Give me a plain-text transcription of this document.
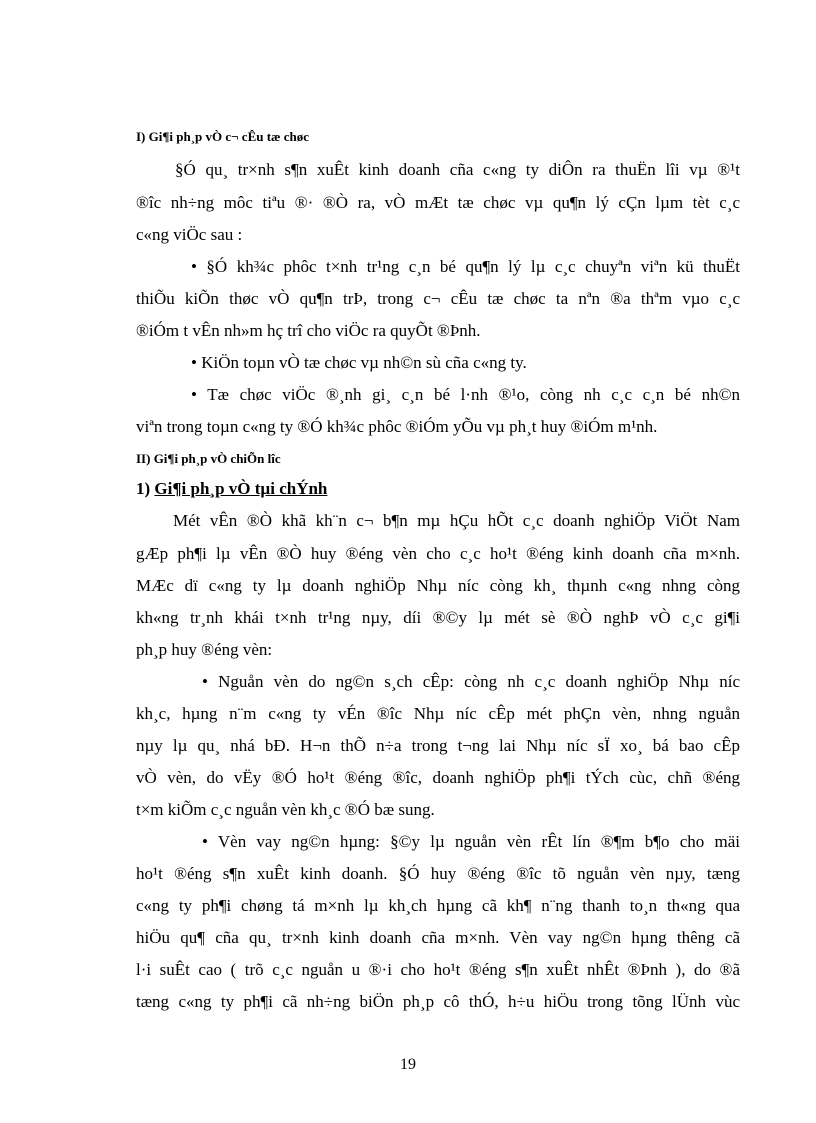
I) Gi¶i ph¸p vÒ c¬ cÊu tæ chøc
§Ó qu¸ tr×nh s¶n xuÊt kinh doanh cña c«ng ty diÔn ra thuËn lîi vµ ®¹t
®îc nh÷ng môc tiªu ®· ®Ò ra, vÒ mÆt tæ chøc vµ qu¶n lý cÇn lµm tèt c¸c
c«ng viÖc sau :
• §Ó kh¾c phôc t×nh tr¹ng c¸n bé qu¶n lý lµ c¸c chuyªn viªn kü thuËt
thiÕu kiÕn thøc vÒ qu¶n trÞ, trong c¬ cÊu tæ chøc ta nªn ®a thªm vµo c¸c
®iÓm t vÊn nh»m hç trî cho viÖc ra quyÕt ®Þnh.
• KiÖn toµn vÒ tæ chøc vµ nh©n sù cña c«ng ty.
• Tæ chøc viÖc ®¸nh gi¸ c¸n bé l·nh ®¹o, còng nh c¸c c¸n bé nh©n
viªn trong toµn c«ng ty ®Ó kh¾c phôc ®iÓm yÕu vµ ph¸t huy ®iÓm m¹nh.
II) Gi¶i ph¸p vÒ chiÕn lîc
1) Gi¶i ph¸p vÒ tµi chÝnh
Mét vÊn ®Ò khã kh¨n c¬ b¶n mµ hÇu hÕt c¸c doanh nghiÖp ViÖt Nam
gÆp ph¶i lµ vÊn ®Ò huy ®éng vèn cho c¸c ho¹t ®éng kinh doanh cña m×nh.
MÆc dï c«ng ty lµ doanh nghiÖp Nhµ níc còng kh¸ thµnh c«ng nhng còng
kh«ng tr¸nh khái t×nh tr¹ng nµy, díi ®©y lµ mét sè ®Ò nghÞ vÒ c¸c gi¶i
ph¸p huy ®éng vèn:
• Nguån vèn do ng©n s¸ch cÊp: còng nh c¸c doanh nghiÖp Nhµ níc
kh¸c, hµng n¨m c«ng ty vÉn ®îc Nhµ níc cÊp mét phÇn vèn, nhng nguån
nµy lµ qu¸ nhá bÐ. H¬n thÕ n÷a trong t¬ng lai Nhµ níc sÏ xo¸ bá bao cÊp
vÒ vèn, do vËy ®Ó ho¹t ®éng ®îc, doanh nghiÖp ph¶i tÝch cùc, chñ ®éng
t×m kiÕm c¸c nguån vèn kh¸c ®Ó bæ sung.
• Vèn vay ng©n hµng: §©y lµ nguån vèn rÊt lín ®¶m b¶o cho mäi
ho¹t ®éng s¶n xuÊt kinh doanh. §Ó huy ®éng ®îc tõ nguån vèn nµy, tæng
c«ng ty ph¶i chøng tá m×nh lµ kh¸ch hµng cã kh¶ n¨ng thanh to¸n th«ng qua
hiÖu qu¶ cña qu¸ tr×nh kinh doanh cña m×nh. Vèn vay ng©n hµng thêng cã
l·i suÊt cao ( trõ c¸c nguån u ®·i cho ho¹t ®éng s¶n xuÊt nhÊt ®Þnh ), do ®ã
tæng c«ng ty ph¶i cã nh÷ng biÖn ph¸p cô thÓ, h÷u hiÖu trong tõng lÜnh vùc
19
